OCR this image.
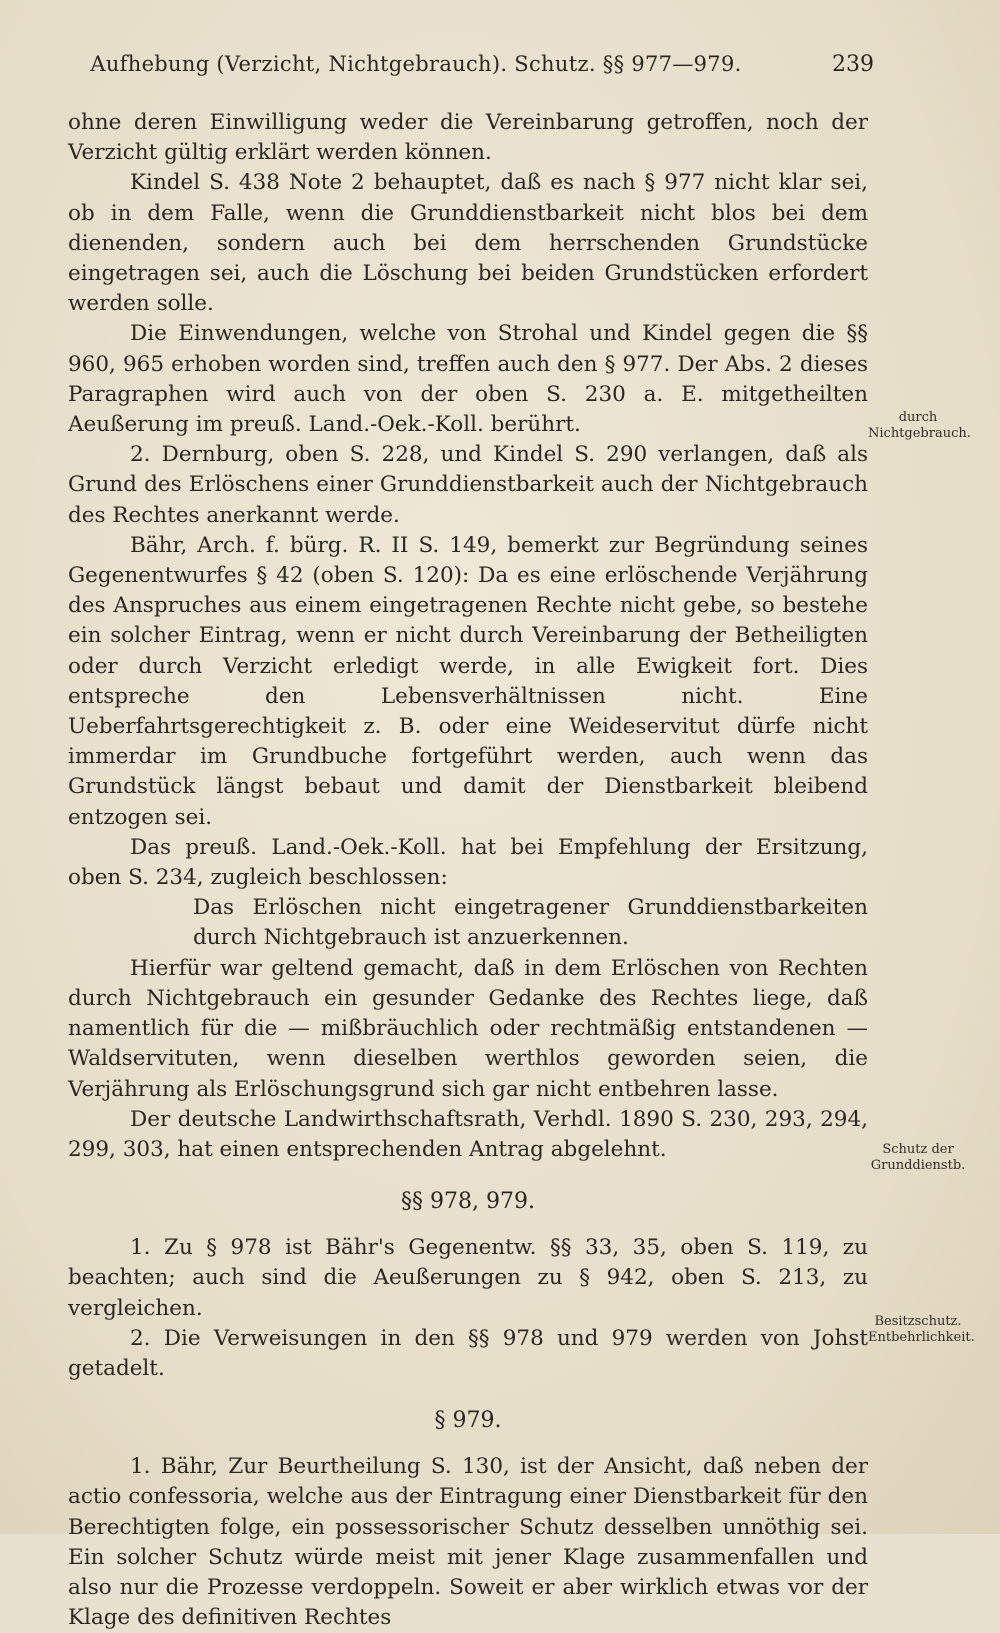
Aufhebung (Verzicht, Nichtgebrauch). Schutz. §§ 977—979.	239

ohne deren Einwilligung weder die Vereinbarung getroffen, noch der Verzicht gültig erklärt werden können.

Kindel S. 438 Note 2 behauptet, daß es nach § 977 nicht klar sei, ob in dem Falle, wenn die Grunddienstbarkeit nicht blos bei dem dienenden, sondern auch bei dem herrschenden Grundstücke eingetragen sei, auch die Löschung bei beiden Grundstücken erfordert werden solle.

Die Einwendungen, welche von Strohal und Kindel gegen die §§ 960, 965 erhoben worden sind, treffen auch den § 977. Der Abs. 2 dieses Paragraphen wird auch von der oben S. 230 a. E. mitgetheilten Aeußerung im preuß. Land.-Oek.-Koll. berührt.

2. Dernburg, oben S. 228, und Kindel S. 290 verlangen, daß als Grund des Erlöschens einer Grunddienstbarkeit auch der Nichtgebrauch des Rechtes anerkannt werde.

Bähr, Arch. f. bürg. R. II S. 149, bemerkt zur Begründung seines Gegenentwurfes § 42 (oben S. 120): Da es eine erlöschende Verjährung des Anspruches aus einem eingetragenen Rechte nicht gebe, so bestehe ein solcher Eintrag, wenn er nicht durch Vereinbarung der Betheiligten oder durch Verzicht erledigt werde, in alle Ewigkeit fort. Dies entspreche den Lebensverhältnissen nicht. Eine Ueberfahrtsgerechtigkeit z. B. oder eine Weideservitut dürfe nicht immerdar im Grundbuche fortgeführt werden, auch wenn das Grundstück längst bebaut und damit der Dienstbarkeit bleibend entzogen sei.

Das preuß. Land.-Oek.-Koll. hat bei Empfehlung der Ersitzung, oben S. 234, zugleich beschlossen:

Das Erlöschen nicht eingetragener Grunddienstbarkeiten durch Nichtgebrauch ist anzuerkennen.

Hierfür war geltend gemacht, daß in dem Erlöschen von Rechten durch Nichtgebrauch ein gesunder Gedanke des Rechtes liege, daß namentlich für die — mißbräuchlich oder rechtmäßig entstandenen — Waldservituten, wenn dieselben werthlos geworden seien, die Verjährung als Erlöschungsgrund sich gar nicht entbehren lasse.

Der deutsche Landwirthschaftsrath, Verhdl. 1890 S. 230, 293, 294, 299, 303, hat einen entsprechenden Antrag abgelehnt.

§§ 978, 979.

1. Zu § 978 ist Bähr's Gegenentw. §§ 33, 35, oben S. 119, zu beachten; auch sind die Aeußerungen zu § 942, oben S. 213, zu vergleichen.

2. Die Verweisungen in den §§ 978 und 979 werden von Johst getadelt.

§ 979.

1. Bähr, Zur Beurtheilung S. 130, ist der Ansicht, daß neben der actio confessoria, welche aus der Eintragung einer Dienstbarkeit für den Berechtigten folge, ein possessorischer Schutz desselben unnöthig sei. Ein solcher Schutz würde meist mit jener Klage zusammenfallen und also nur die Prozesse verdoppeln. Soweit er aber wirklich etwas vor der Klage des definitiven Rechtes

durch Nichtgebrauch.
Schutz der Grunddienstb.
Besitzschutz. Entbehrlichkeit.
